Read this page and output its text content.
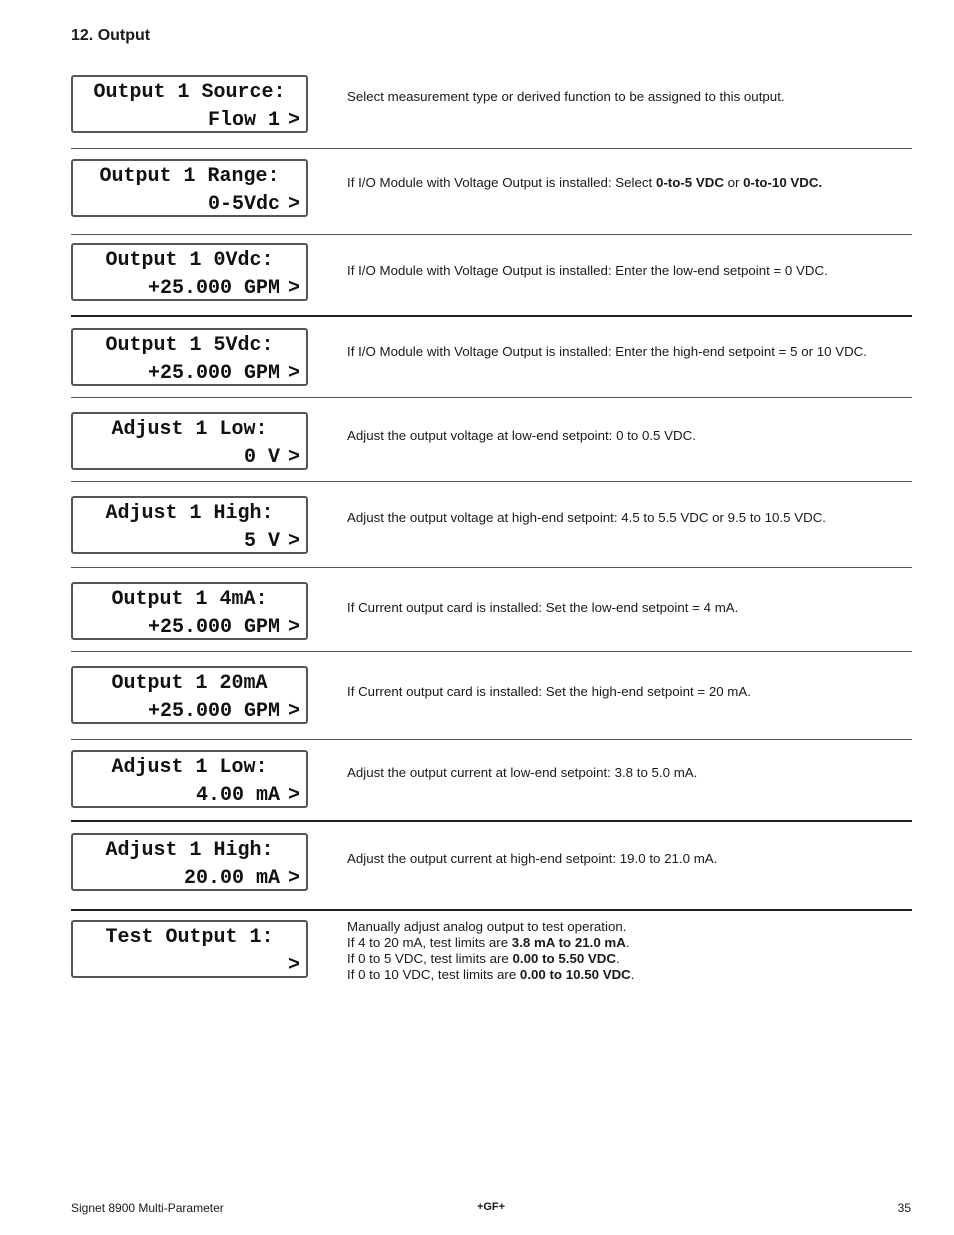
12. Output
Output 1 Source:
Flow 1 >
Select measurement type or derived function to be assigned to this output.
Output 1 Range:
0-5Vdc >
If I/O Module with Voltage Output is installed: Select 0-to-5 VDC or 0-to-10 VDC.
Output 1 0Vdc:
+25.000 GPM >
If I/O Module with Voltage Output is installed: Enter the low-end setpoint = 0 VDC.
Output 1 5Vdc:
+25.000 GPM >
If I/O Module with Voltage Output is installed: Enter the high-end setpoint = 5 or 10 VDC.
Adjust 1 Low:
0 V >
Adjust the output voltage at low-end setpoint: 0 to 0.5 VDC.
Adjust 1 High:
5 V >
Adjust the output voltage at high-end setpoint: 4.5 to 5.5 VDC or 9.5 to 10.5 VDC.
Output 1 4mA:
+25.000 GPM >
If Current output card is installed: Set the low-end setpoint = 4 mA.
Output 1 20mA
+25.000 GPM >
If Current output card is installed: Set the high-end setpoint = 20 mA.
Adjust 1 Low:
4.00 mA >
Adjust the output current at low-end setpoint: 3.8 to 5.0 mA.
Adjust 1 High:
20.00 mA >
Adjust the output current at high-end setpoint: 19.0 to 21.0 mA.
Test Output 1:
>
Manually adjust analog output to test operation.
If 4 to 20 mA, test limits are 3.8 mA to 21.0 mA.
If 0 to 5 VDC, test limits are 0.00 to 5.50 VDC.
If 0 to 10 VDC, test limits are 0.00 to 10.50 VDC.
Signet 8900 Multi-Parameter	+GF+	35
